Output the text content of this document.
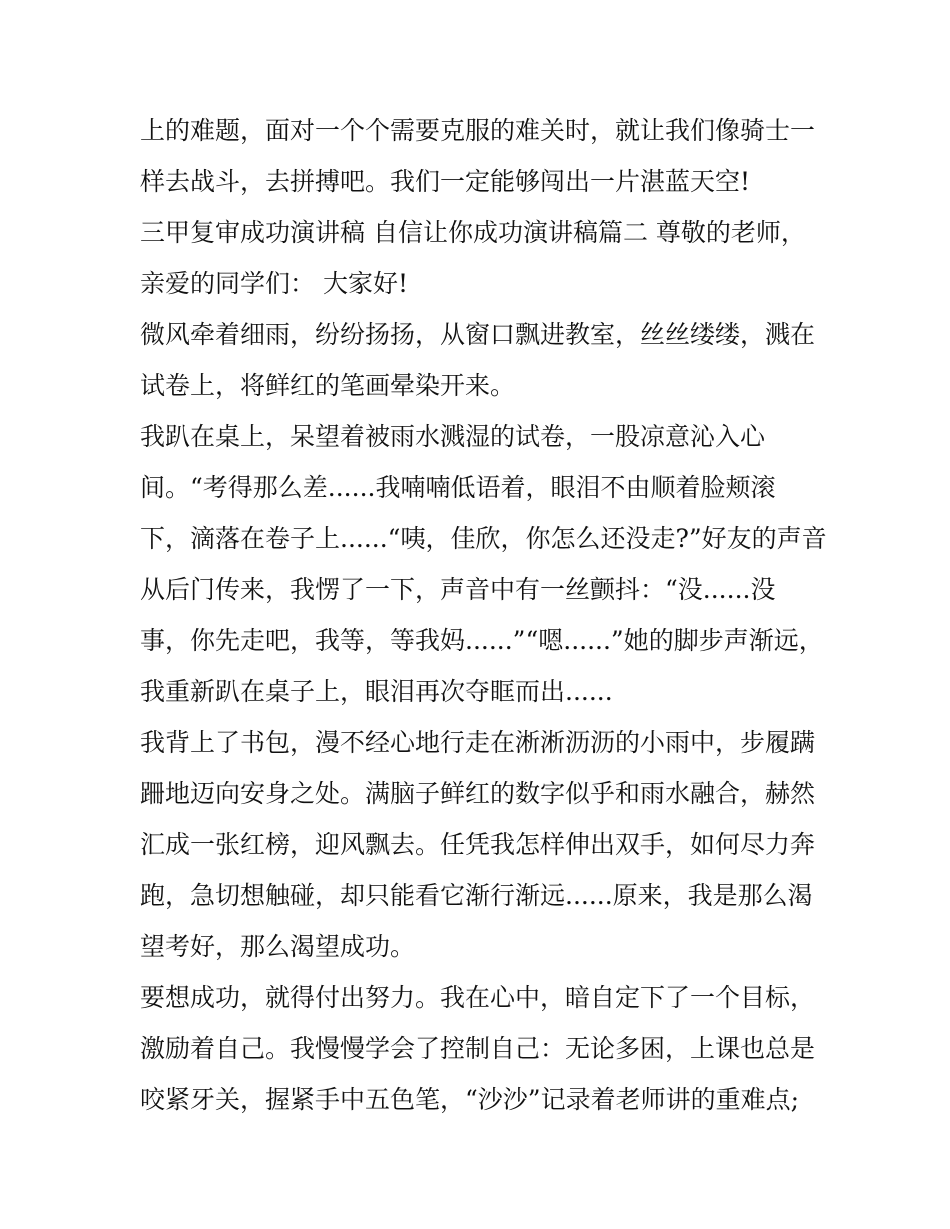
上的难题，面对一个个需要克服的难关时，就让我们像骑士一
样去战斗，去拼搏吧。我们一定能够闯出一片湛蓝天空!
三甲复审成功演讲稿 自信让你成功演讲稿篇二 尊敬的老师，
亲爱的同学们： 大家好!
微风牵着细雨，纷纷扬扬，从窗口飘进教室，丝丝缕缕，溅在
试卷上，将鲜红的笔画晕染开来。
我趴在桌上，呆望着被雨水溅湿的试卷，一股凉意沁入心
间。“考得那么差......我喃喃低语着，眼泪不由顺着脸颊滚
下，滴落在卷子上......“咦，佳欣，你怎么还没走?”好友的声音
从后门传来，我愣了一下，声音中有一丝颤抖：“没......没
事，你先走吧，我等，等我妈......”“嗯......”她的脚步声渐远，
我重新趴在桌子上，眼泪再次夺眶而出......
我背上了书包，漫不经心地行走在淅淅沥沥的小雨中，步履蹒
跚地迈向安身之处。满脑子鲜红的数字似乎和雨水融合，赫然
汇成一张红榜，迎风飘去。任凭我怎样伸出双手，如何尽力奔
跑，急切想触碰，却只能看它渐行渐远......原来，我是那么渴
望考好，那么渴望成功。
要想成功，就得付出努力。我在心中，暗自定下了一个目标，
激励着自己。我慢慢学会了控制自己：无论多困，上课也总是
咬紧牙关，握紧手中五色笔，“沙沙”记录着老师讲的重难点;
